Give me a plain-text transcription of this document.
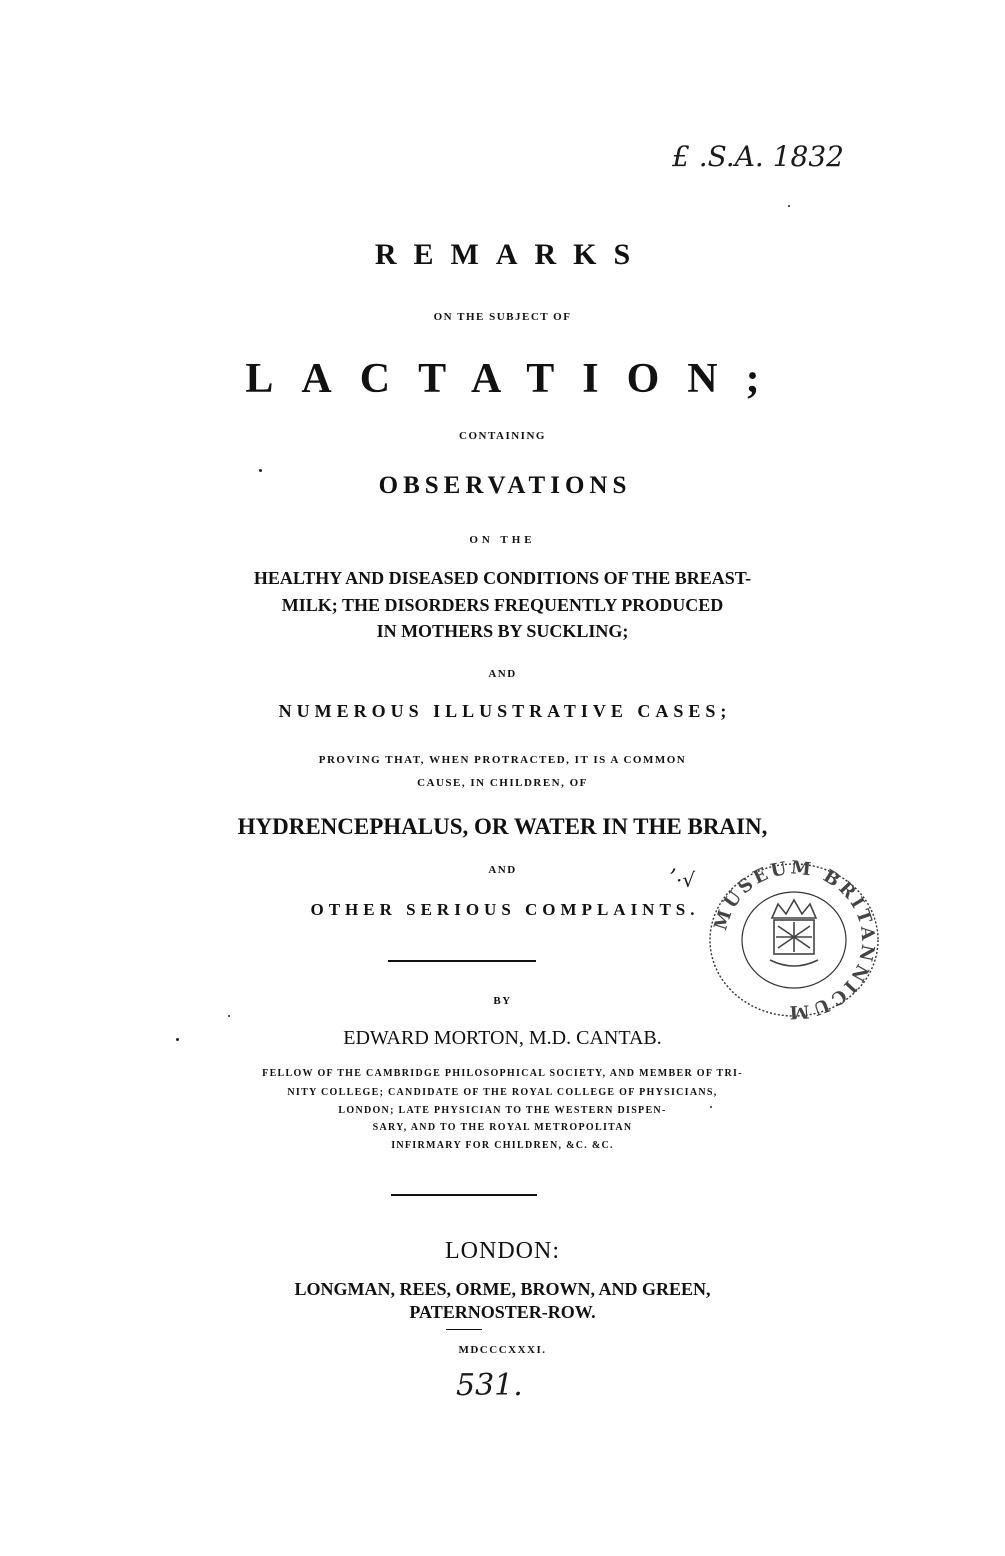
£ .S.A. 1832
REMARKS
ON THE SUBJECT OF
LACTATION;
CONTAINING
OBSERVATIONS
ON THE
HEALTHY AND DISEASED CONDITIONS OF THE BREAST-
MILK; THE DISORDERS FREQUENTLY PRODUCED
IN MOTHERS BY SUCKLING;
AND
NUMEROUS ILLUSTRATIVE CASES;
PROVING THAT, WHEN PROTRACTED, IT IS A COMMON
CAUSE, IN CHILDREN, OF
HYDRENCEPHALUS, OR WATER IN THE BRAIN,
AND
OTHER SERIOUS COMPLAINTS. MUSEUM BRITANNICUM
,
·√
BY
EDWARD MORTON, M.D. CANTAB.
FELLOW OF THE CAMBRIDGE PHILOSOPHICAL SOCIETY, AND MEMBER OF TRI-
NITY COLLEGE; CANDIDATE OF THE ROYAL COLLEGE OF PHYSICIANS,
LONDON; LATE PHYSICIAN TO THE WESTERN DISPEN-
SARY, AND TO THE ROYAL METROPOLITAN
INFIRMARY FOR CHILDREN, &C. &C.
LONDON:
LONGMAN, REES, ORME, BROWN, AND GREEN,
PATERNOSTER-ROW.
MDCCCXXXI.
531.
